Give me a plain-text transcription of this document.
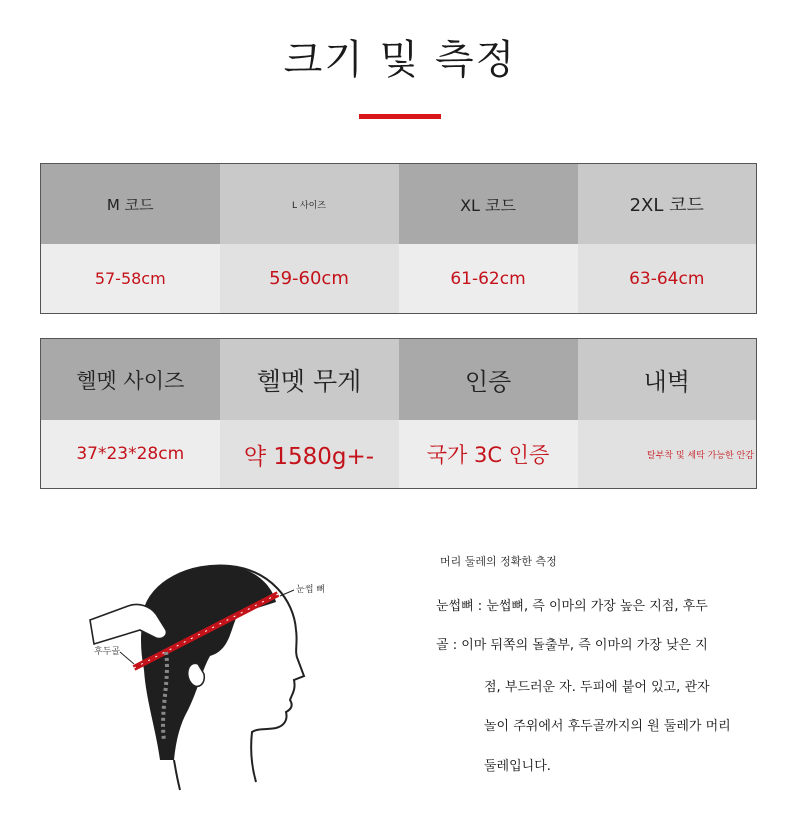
크기 및 측정
M 코드	L 사이즈	XL 코드	2XL 코드

57-58cm	59-60cm	61-62cm	63-64cm
헬멧 사이즈	헬멧 무게	인증	내벽

37*23*28cm	약 1580g+-	국가 3C 인증	탈부착 및 세탁 가능한 안감
눈썹 뼈
후두골
머리 둘레의 정확한 측정
눈썹뼈 : 눈썹뼈, 즉 이마의 가장 높은 지점, 후두
골 : 이마 뒤쪽의 돌출부, 즉 이마의 가장 낮은 지
점, 부드러운 자. 두피에 붙어 있고, 관자
놀이 주위에서 후두골까지의 원 둘레가 머리
둘레입니다.
